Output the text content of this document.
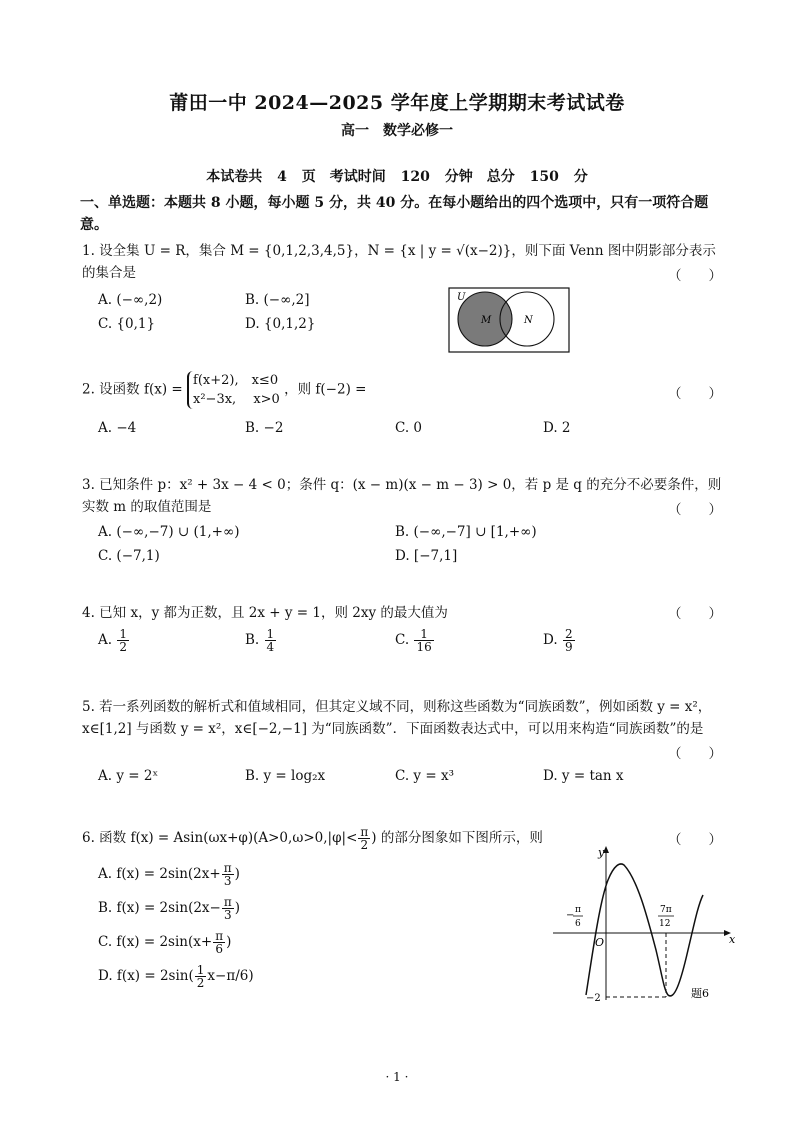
莆田一中 2024—2025 学年度上学期期末考试试卷
高一　数学必修一
本试卷共 4 页　考试时间 120 分钟　总分 150 分
一、单选题：本题共 8 小题，每小题 5 分，共 40 分。在每小题给出的四个选项中，只有一项符合题意。
1. 设全集 U = R，集合 M = {0,1,2,3,4,5}，N = {x | y = √(x−2)}，则下面 Venn 图中阴影部分表示的集合是	（　　）
A. (−∞,2)	B. (−∞,2]
C. {0,1}	D. {0,1,2}
U
M	N
2. 设函数 f(x) =
f(x+2),　x≤0
x²−3x,　 x>0
，则 f(−2) =	（　　）
A. −4	B. −2	C. 0	D. 2
3. 已知条件 p：x² + 3x − 4 < 0；条件 q：(x − m)(x − m − 3) > 0，若 p 是 q 的充分不必要条件，则实数 m 的取值范围是	（　　）
A. (−∞,−7) ∪ (1,+∞)	B. (−∞,−7] ∪ [1,+∞)
C. (−7,1)	D. [−7,1]
4. 已知 x，y 都为正数，且 2x + y = 1，则 2xy 的最大值为	（　　）
A. $\frac{1}{2}$	B. $\frac{1}{4}$	C. $\frac{1}{16}$	D. $\frac{2}{9}$
5. 若一系列函数的解析式和值域相同，但其定义域不同，则称这些函数为“同族函数”，例如函数 y = x²，x∈[1,2] 与函数 y = x²，x∈[−2,−1] 为“同族函数”．下面函数表达式中，可以用来构造“同族函数”的是
（　　）
A. y = 2ˣ	B. y = log₂x	C. y = x³	D. y = tan x
6. 函数 $f(x) = Asin(\omega x+\varphi)(A>0,\omega>0,|\varphi|< \frac{\pi}{2}$ ) 的部分图象如下图所示，则	（　　）
A. $f(x) = 2\sin(2x+ \frac{\pi}{3}$ )
B. $f(x) = 2\sin(2x- \frac{\pi}{3}$ )
C. $f(x) = 2\sin(x+ \frac{\pi}{6}$ )
D. $f(x) = 2\sin( \frac{1}{2} x-\pi/6)$
y
x
O
− π
6
7π
12
−2	题6
· 1 ·
